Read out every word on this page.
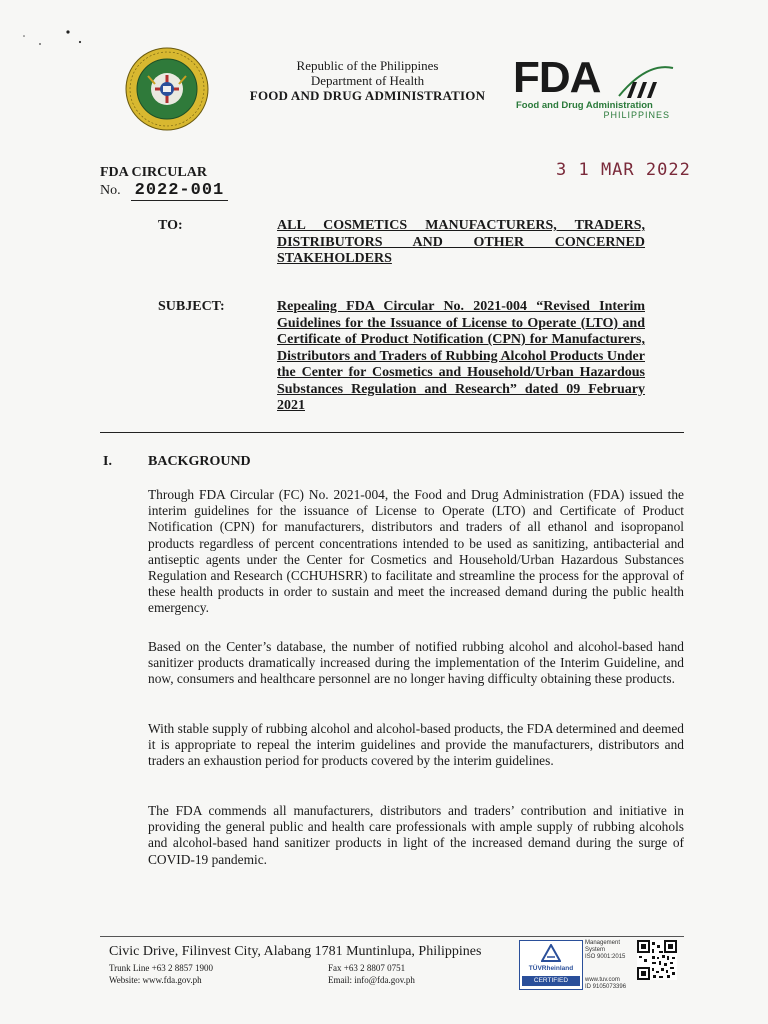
Republic of the Philippines
Department of Health
FOOD AND DRUG ADMINISTRATION FDA
Food and Drug Administration
PHILIPPINES
FDA CIRCULAR
No. 2022-001
3 1 MAR 2022
TO:	ALL COSMETICS MANUFACTURERS, TRADERS, DISTRIBUTORS AND OTHER CONCERNED STAKEHOLDERS
SUBJECT:	Repealing FDA Circular No. 2021-004 “Revised Interim Guidelines for the Issuance of License to Operate (LTO) and Certificate of Product Notification (CPN) for Manufacturers, Distributors and Traders of Rubbing Alcohol Products Under the Center for Cosmetics and Household/Urban Hazardous Substances Regulation and Research” dated 09 February 2021
I.	BACKGROUND

Through FDA Circular (FC) No. 2021-004, the Food and Drug Administration (FDA) issued the interim guidelines for the issuance of License to Operate (LTO) and Certificate of Product Notification (CPN) for manufacturers, distributors and traders of all ethanol and isopropanol products regardless of percent concentrations intended to be used as sanitizing, antibacterial and antiseptic agents under the Center for Cosmetics and Household/Urban Hazardous Substances Regulation and Research (CCHUHSRR) to facilitate and streamline the process for the approval of these health products in order to sustain and meet the increased demand during the public health emergency.

Based on the Center’s database, the number of notified rubbing alcohol and alcohol-based hand sanitizer products dramatically increased during the implementation of the Interim Guideline, and now, consumers and healthcare personnel are no longer having difficulty obtaining these products.

With stable supply of rubbing alcohol and alcohol-based products, the FDA determined and deemed it is appropriate to repeal the interim guidelines and provide the manufacturers, distributors and traders an exhaustion period for products covered by the interim guidelines.

The FDA commends all manufacturers, distributors and traders’ contribution and initiative in providing the general public and health care professionals with ample supply of rubbing alcohols and alcohol-based hand sanitizer products in light of the increased demand during the surge of COVID-19 pandemic.

Civic Drive, Filinvest City, Alabang 1781 Muntinlupa, Philippines
Trunk Line +63 2 8857 1900	Fax +63 2 8807 0751
Website: www.fda.gov.ph	Email: info@fda.gov.ph
TÜVRheinland
CERTIFIED
Management System
ISO 9001:2015
www.tuv.com
ID 9105073396
